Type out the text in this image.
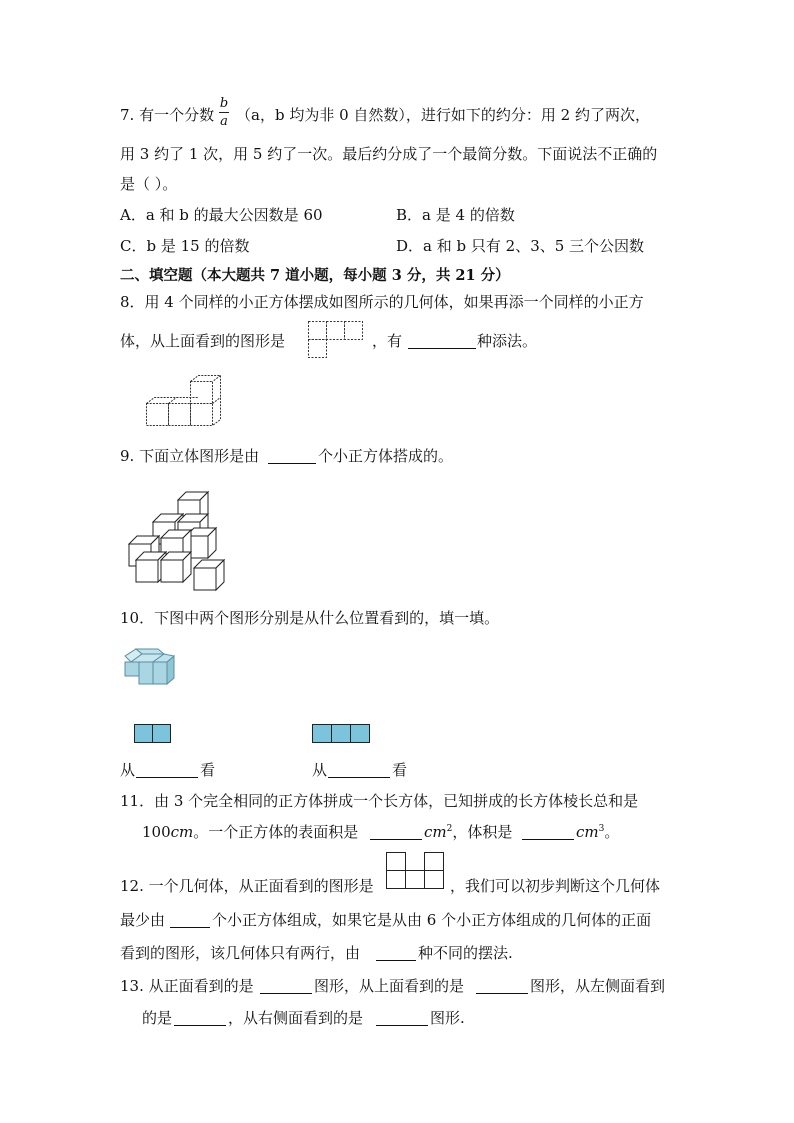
7. 有一个分数
b
a （a，b 均为非 0 自然数），进行如下的约分：用 2 约了两次，
用 3 约了 1 次，用 5 约了一次。最后约分成了一个最简分数。下面说法不正确的
是（ ）。
A．a 和 b 的最大公因数是 60	B．a 是 4 的倍数
C．b 是 15 的倍数	D．a 和 b 只有 2、3、5 三个公因数
二、填空题（本大题共 7 道小题，每小题 3 分，共 21 分）
8．用 4 个同样的小正方体摆成如图所示的几何体，如果再添一个同样的小正方
体，从上面看到的图形是	，有	种添法。
9. 下面立体图形是由	个小正方体搭成的。
10．下图中两个图形分别是从什么位置看到的，填一填。
从	看	从	看
11．由 3 个完全相同的正方体拼成一个长方体，已知拼成的长方体棱长总和是
100cm。一个正方体的表面积是	$cm^2$，体积是	$cm^3$。
12. 一个几何体，从正面看到的图形是	，我们可以初步判断这个几何体
最少由	个小正方体组成，如果它是从由 6 个小正方体组成的几何体的正面
看到的图形，该几何体只有两行，由	种不同的摆法.
13. 从正面看到的是	图形，从上面看到的是	图形，从左侧面看到
的是	，从右侧面看到的是	图形.
